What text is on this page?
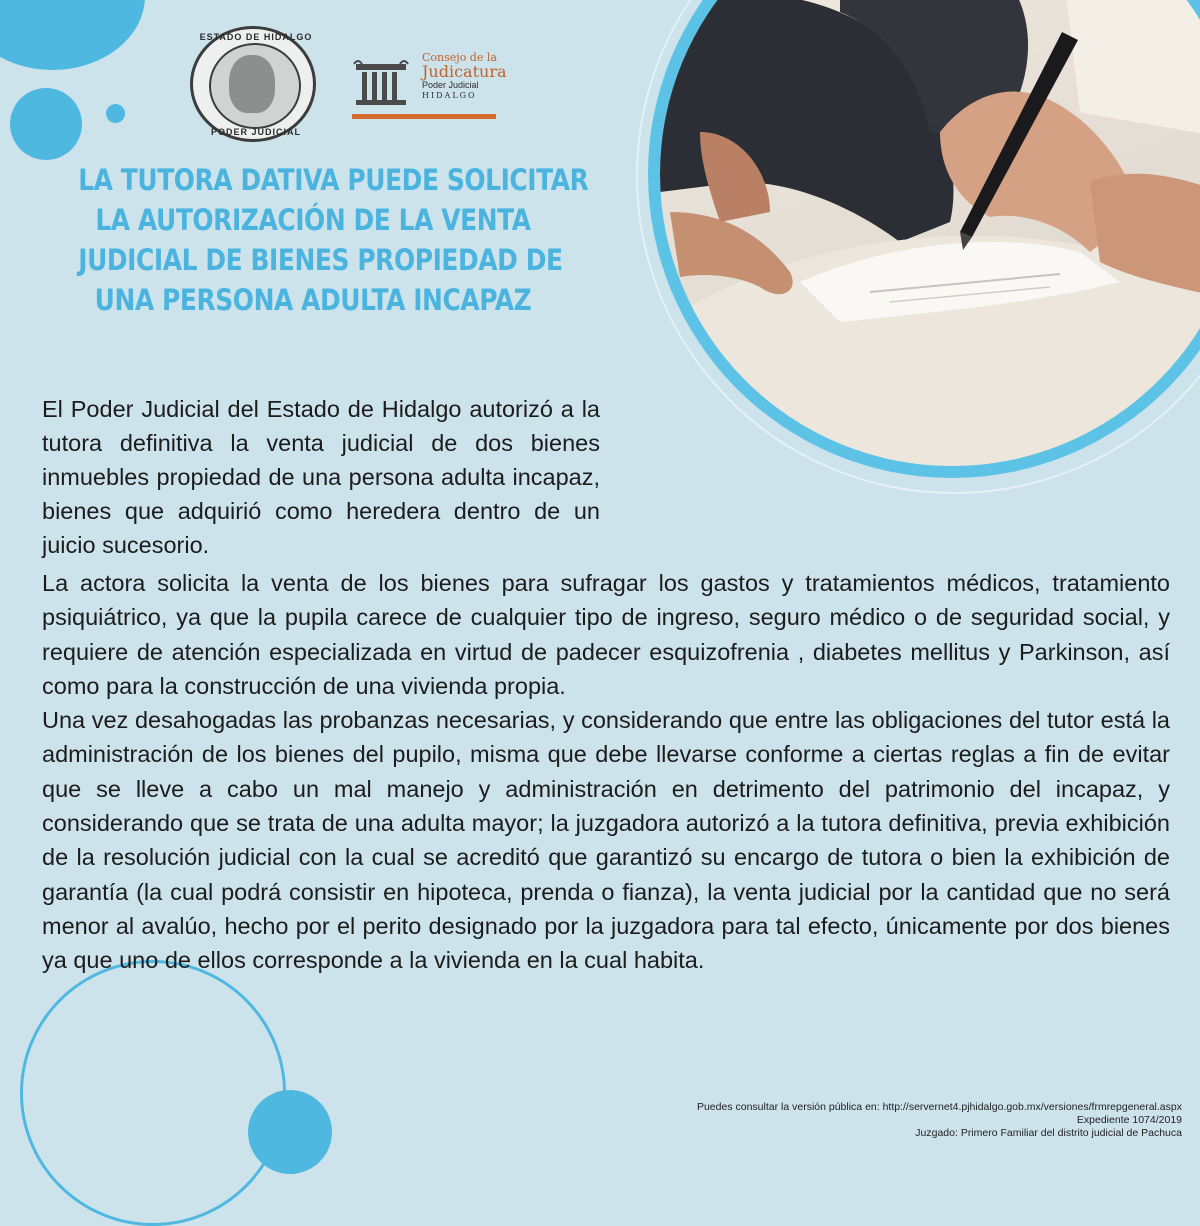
ESTADO DE HIDALGO
PODER JUDICIAL
Consejo de la
Judicatura
Poder Judicial
HIDALGO
LA TUTORA DATIVA PUEDE SOLICITAR
LA AUTORIZACIÓN DE LA VENTA
JUDICIAL DE BIENES PROPIEDAD DE
UNA PERSONA ADULTA INCAPAZ
El Poder Judicial del Estado de Hidalgo autorizó a la tutora definitiva la venta judicial de dos bienes inmuebles propiedad de una persona adulta incapaz, bienes que adquirió como heredera dentro de un juicio sucesorio.

La actora solicita la venta de los bienes para sufragar los gastos y tratamientos médicos, tratamiento psiquiátrico, ya que la pupila carece de cualquier tipo de ingreso, seguro médico o de seguridad social, y requiere de atención especializada en virtud de padecer esquizofrenia , diabetes mellitus y Parkinson, así como para la construcción de una vivienda propia.

Una vez desahogadas las probanzas necesarias, y considerando que entre las obligaciones del tutor está la administración de los bienes del pupilo, misma que debe llevarse conforme a ciertas reglas a fin de evitar que se lleve a cabo un mal manejo y administración en detrimento del patrimonio del incapaz, y considerando que se trata de una adulta mayor; la juzgadora autorizó a la tutora definitiva, previa exhibición de la resolución judicial con la cual se acreditó que garantizó su encargo de tutora o bien la exhibición de garantía (la cual podrá consistir en hipoteca, prenda o fianza), la venta judicial por la cantidad que no será menor al avalúo, hecho por el perito designado por la juzgadora para tal efecto, únicamente por dos bienes ya que uno de ellos corresponde a la vivienda en la cual habita.

Puedes consultar la versión pública en: http://servernet4.pjhidalgo.gob.mx/versiones/frmrepgeneral.aspx
Expediente 1074/2019
Juzgado: Primero Familiar del distrito judicial de Pachuca
